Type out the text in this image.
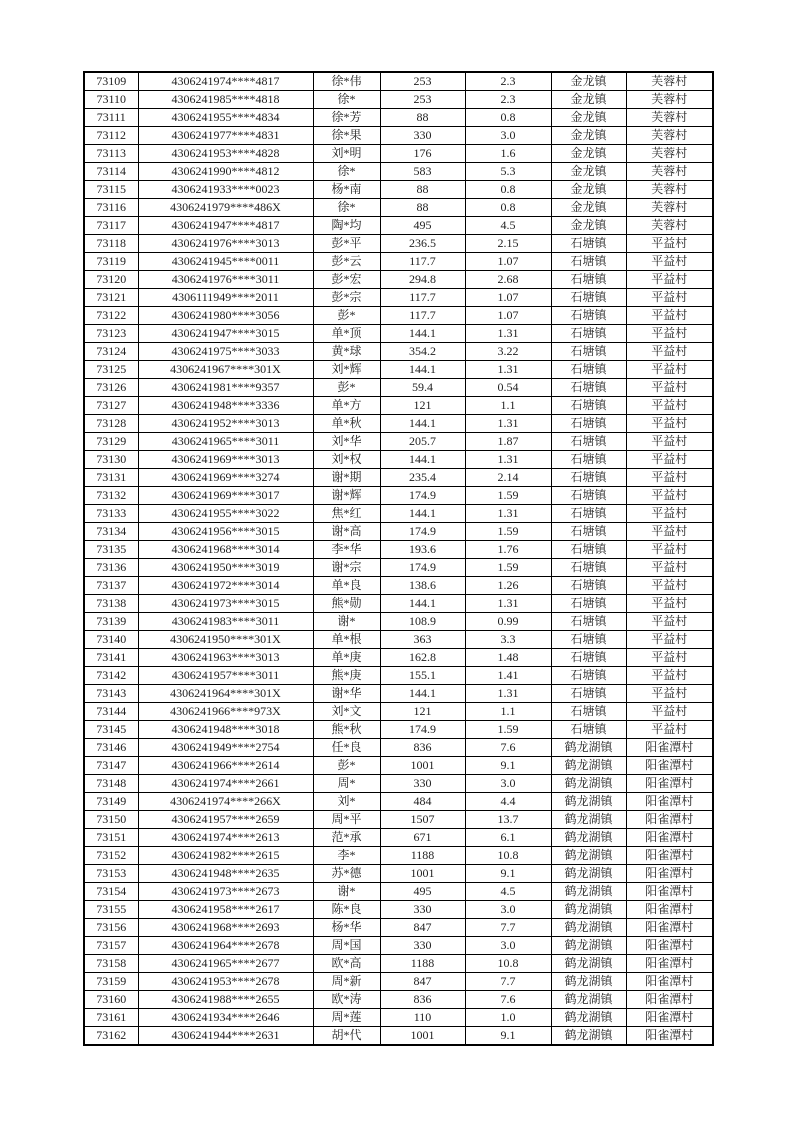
73109	4306241974****4817	徐*伟	253	2.3	金龙镇	芙蓉村
73110	4306241985****4818	徐*	253	2.3	金龙镇	芙蓉村
73111	4306241955****4834	徐*芳	88	0.8	金龙镇	芙蓉村
73112	4306241977****4831	徐*果	330	3.0	金龙镇	芙蓉村
73113	4306241953****4828	刘*明	176	1.6	金龙镇	芙蓉村
73114	4306241990****4812	徐*	583	5.3	金龙镇	芙蓉村
73115	4306241933****0023	杨*南	88	0.8	金龙镇	芙蓉村
73116	4306241979****486X	徐*	88	0.8	金龙镇	芙蓉村
73117	4306241947****4817	陶*均	495	4.5	金龙镇	芙蓉村
73118	4306241976****3013	彭*平	236.5	2.15	石塘镇	平益村
73119	4306241945****0011	彭*云	117.7	1.07	石塘镇	平益村
73120	4306241976****3011	彭*宏	294.8	2.68	石塘镇	平益村
73121	4306111949****2011	彭*宗	117.7	1.07	石塘镇	平益村
73122	4306241980****3056	彭*	117.7	1.07	石塘镇	平益村
73123	4306241947****3015	单*顶	144.1	1.31	石塘镇	平益村
73124	4306241975****3033	黄*球	354.2	3.22	石塘镇	平益村
73125	4306241967****301X	刘*辉	144.1	1.31	石塘镇	平益村
73126	4306241981****9357	彭*	59.4	0.54	石塘镇	平益村
73127	4306241948****3336	单*方	121	1.1	石塘镇	平益村
73128	4306241952****3013	单*秋	144.1	1.31	石塘镇	平益村
73129	4306241965****3011	刘*华	205.7	1.87	石塘镇	平益村
73130	4306241969****3013	刘*权	144.1	1.31	石塘镇	平益村
73131	4306241969****3274	谢*期	235.4	2.14	石塘镇	平益村
73132	4306241969****3017	谢*辉	174.9	1.59	石塘镇	平益村
73133	4306241955****3022	焦*红	144.1	1.31	石塘镇	平益村
73134	4306241956****3015	谢*高	174.9	1.59	石塘镇	平益村
73135	4306241968****3014	李*华	193.6	1.76	石塘镇	平益村
73136	4306241950****3019	谢*宗	174.9	1.59	石塘镇	平益村
73137	4306241972****3014	单*良	138.6	1.26	石塘镇	平益村
73138	4306241973****3015	熊*勋	144.1	1.31	石塘镇	平益村
73139	4306241983****3011	谢*	108.9	0.99	石塘镇	平益村
73140	4306241950****301X	单*根	363	3.3	石塘镇	平益村
73141	4306241963****3013	单*庚	162.8	1.48	石塘镇	平益村
73142	4306241957****3011	熊*庚	155.1	1.41	石塘镇	平益村
73143	4306241964****301X	谢*华	144.1	1.31	石塘镇	平益村
73144	4306241966****973X	刘*文	121	1.1	石塘镇	平益村
73145	4306241948****3018	熊*秋	174.9	1.59	石塘镇	平益村
73146	4306241949****2754	任*良	836	7.6	鹤龙湖镇	阳雀潭村
73147	4306241966****2614	彭*	1001	9.1	鹤龙湖镇	阳雀潭村
73148	4306241974****2661	周*	330	3.0	鹤龙湖镇	阳雀潭村
73149	4306241974****266X	刘*	484	4.4	鹤龙湖镇	阳雀潭村
73150	4306241957****2659	周*平	1507	13.7	鹤龙湖镇	阳雀潭村
73151	4306241974****2613	范*承	671	6.1	鹤龙湖镇	阳雀潭村
73152	4306241982****2615	李*	1188	10.8	鹤龙湖镇	阳雀潭村
73153	4306241948****2635	苏*德	1001	9.1	鹤龙湖镇	阳雀潭村
73154	4306241973****2673	谢*	495	4.5	鹤龙湖镇	阳雀潭村
73155	4306241958****2617	陈*良	330	3.0	鹤龙湖镇	阳雀潭村
73156	4306241968****2693	杨*华	847	7.7	鹤龙湖镇	阳雀潭村
73157	4306241964****2678	周*国	330	3.0	鹤龙湖镇	阳雀潭村
73158	4306241965****2677	欧*高	1188	10.8	鹤龙湖镇	阳雀潭村
73159	4306241953****2678	周*新	847	7.7	鹤龙湖镇	阳雀潭村
73160	4306241988****2655	欧*涛	836	7.6	鹤龙湖镇	阳雀潭村
73161	4306241934****2646	周*莲	110	1.0	鹤龙湖镇	阳雀潭村
73162	4306241944****2631	胡*代	1001	9.1	鹤龙湖镇	阳雀潭村
